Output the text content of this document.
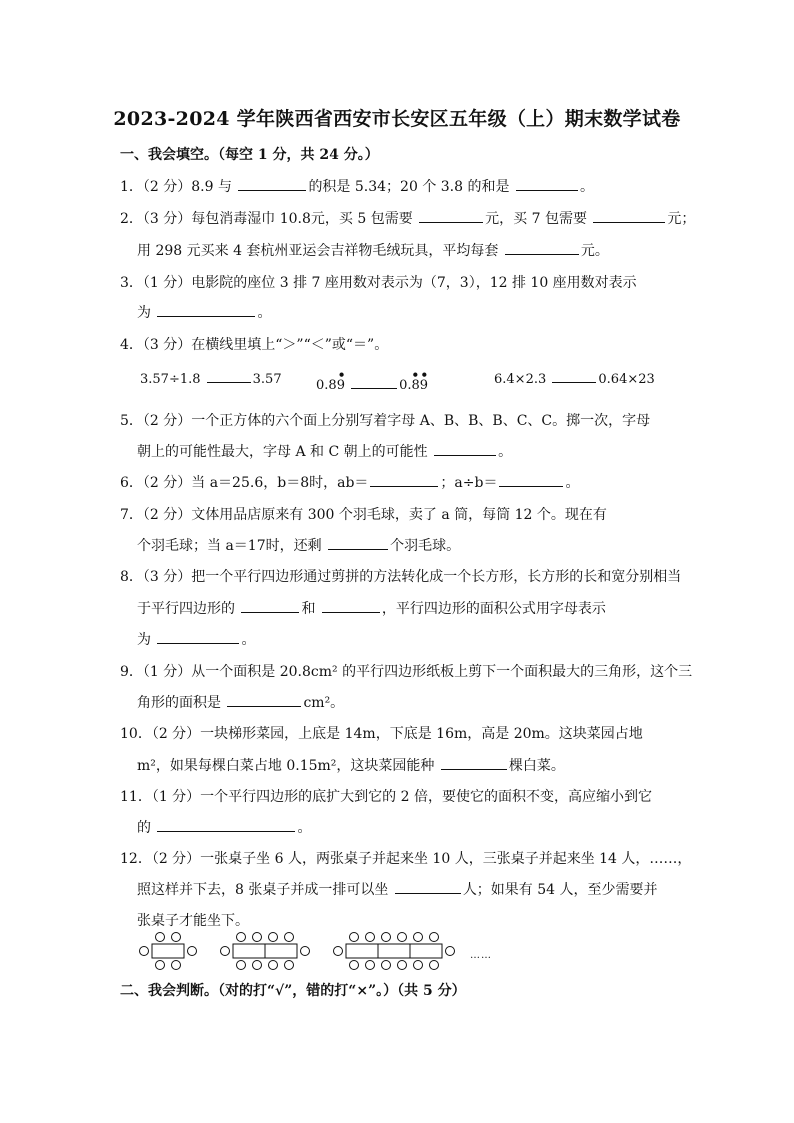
2023-2024 学年陕西省西安市长安区五年级（上）期末数学试卷
一、我会填空。（每空 1 分，共 24 分。）
1．（2 分）8.9 与	的积是 5.34；20 个 3.8 的和是	。
2．（3 分）每包消毒湿巾 10.8元，买 5 包需要	元，买 7 包需要	元；
用 298 元买来 4 套杭州亚运会吉祥物毛绒玩具，平均每套	元。
3．（1 分）电影院的座位 3 排 7 座用数对表示为（7，3），12 排 10 座用数对表示
为	。
4．（3 分）在横线里填上“＞”“＜”或“＝”。
3.57÷1.8	3.57	0.8
•
9	0.
• •
89	6.4×2.3	0.64×23
5．（2 分）一个正方体的六个面上分别写着字母 A、B、B、B、C、C。掷一次，字母
朝上的可能性最大，字母 A 和 C 朝上的可能性	。
6．（2 分）当 a＝25.6，b＝8时，ab＝	；a÷b＝	。
7．（2 分）文体用品店原来有 300 个羽毛球，卖了 a 筒，每筒 12 个。现在有
个羽毛球；当 a＝17时，还剩	个羽毛球。
8．（3 分）把一个平行四边形通过剪拼的方法转化成一个长方形，长方形的长和宽分别相当
于平行四边形的	和	，平行四边形的面积公式用字母表示
为	。
9．（1 分）从一个面积是 20.8cm² 的平行四边形纸板上剪下一个面积最大的三角形，这个三
角形的面积是	cm²。
10．（2 分）一块梯形菜园，上底是 14m，下底是 16m，高是 20m。这块菜园占地
m²，如果每棵白菜占地 0.15m²，这块菜园能种	棵白菜。
11．（1 分）一个平行四边形的底扩大到它的 2 倍，要使它的面积不变，高应缩小到它
的	。
12．（2 分）一张桌子坐 6 人，两张桌子并起来坐 10 人，三张桌子并起来坐 14 人，……，
照这样并下去，8 张桌子并成一排可以坐	人；如果有 54 人，至少需要并
张桌子才能坐下。
……
二、我会判断。（对的打“√”，错的打“×”。）（共 5 分）
